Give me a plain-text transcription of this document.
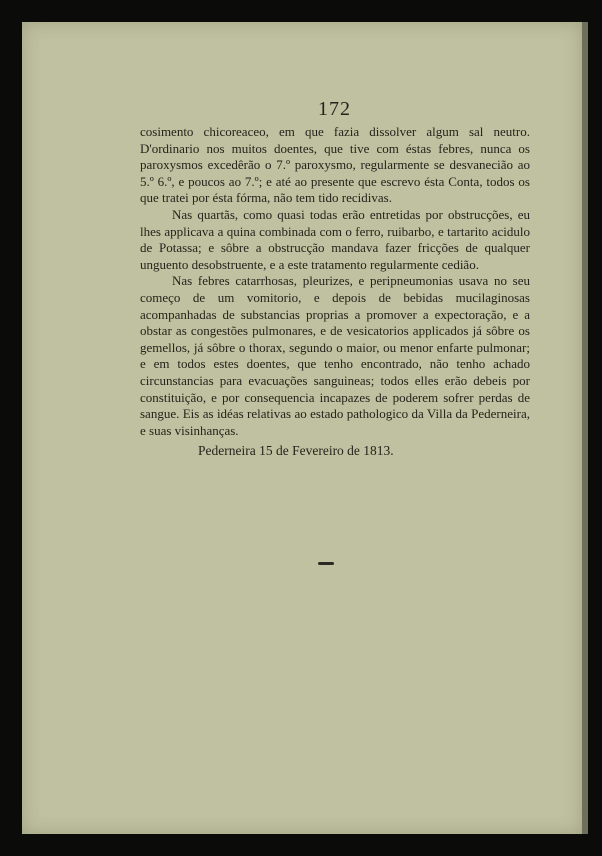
172

cosimento chicoreaceo, em que fazia dissolver algum sal neutro. D'ordinario nos muitos doentes, que tive com éstas febres, nunca os paroxysmos excedêrão o 7.º paroxysmo, regularmente se desvanecião ao 5.º 6.º, e poucos ao 7.º; e até ao presente que escrevo ésta Conta, todos os que tratei por ésta fórma, não tem tido recidivas.

Nas quartãs, como quasi todas erão entretidas por obstrucções, eu lhes applicava a quina combinada com o ferro, ruibarbo, e tartarito acidulo de Potassa; e sôbre a obstrucção mandava fazer fricções de qualquer unguento desobstruente, e a este tratamento regularmente cedião.

Nas febres catarrhosas, pleurizes, e peripneumonias usava no seu começo de um vomitorio, e depois de bebidas mucilaginosas acompanhadas de substancias proprias a promover a expectoração, e a obstar as congestões pulmonares, e de vesicatorios applicados já sôbre os gemellos, já sôbre o thorax, segundo o maior, ou menor enfarte pulmonar; e em todos estes doentes, que tenho encontrado, não tenho achado circunstancias para evacuações sanguineas; todos elles erão debeis por constituição, e por consequencia incapazes de poderem sofrer perdas de sangue. Eis as idéas relativas ao estado pathologico da Villa da Pederneira, e suas visinhanças.

Pederneira 15 de Fevereiro de 1813.
